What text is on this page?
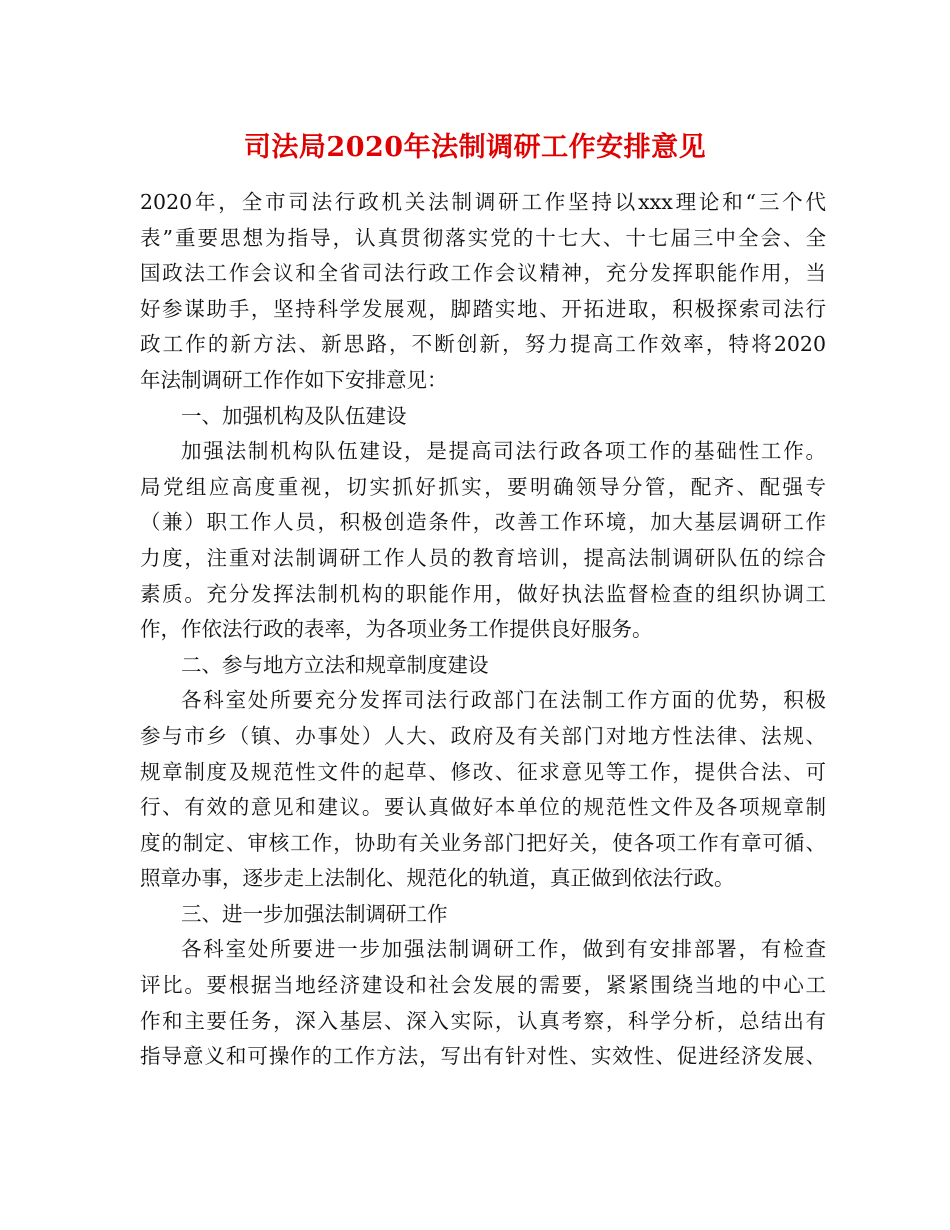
司法局2020年法制调研工作安排意见
2020年，全市司法行政机关法制调研工作坚持以xxx理论和“三个代
表”重要思想为指导，认真贯彻落实党的十七大、十七届三中全会、全
国政法工作会议和全省司法行政工作会议精神，充分发挥职能作用，当
好参谋助手，坚持科学发展观，脚踏实地、开拓进取，积极探索司法行
政工作的新方法、新思路，不断创新，努力提高工作效率，特将2020
年法制调研工作作如下安排意见：
一、加强机构及队伍建设
加强法制机构队伍建设，是提高司法行政各项工作的基础性工作。
局党组应高度重视，切实抓好抓实，要明确领导分管，配齐、配强专
（兼）职工作人员，积极创造条件，改善工作环境，加大基层调研工作
力度，注重对法制调研工作人员的教育培训，提高法制调研队伍的综合
素质。充分发挥法制机构的职能作用，做好执法监督检查的组织协调工
作，作依法行政的表率，为各项业务工作提供良好服务。
二、参与地方立法和规章制度建设
各科室处所要充分发挥司法行政部门在法制工作方面的优势，积极
参与市乡（镇、办事处）人大、政府及有关部门对地方性法律、法规、
规章制度及规范性文件的起草、修改、征求意见等工作，提供合法、可
行、有效的意见和建议。要认真做好本单位的规范性文件及各项规章制
度的制定、审核工作，协助有关业务部门把好关，使各项工作有章可循、
照章办事，逐步走上法制化、规范化的轨道，真正做到依法行政。
三、进一步加强法制调研工作
各科室处所要进一步加强法制调研工作，做到有安排部署，有检查
评比。要根据当地经济建设和社会发展的需要，紧紧围绕当地的中心工
作和主要任务，深入基层、深入实际，认真考察，科学分析，总结出有
指导意义和可操作的工作方法，写出有针对性、实效性、促进经济发展、
